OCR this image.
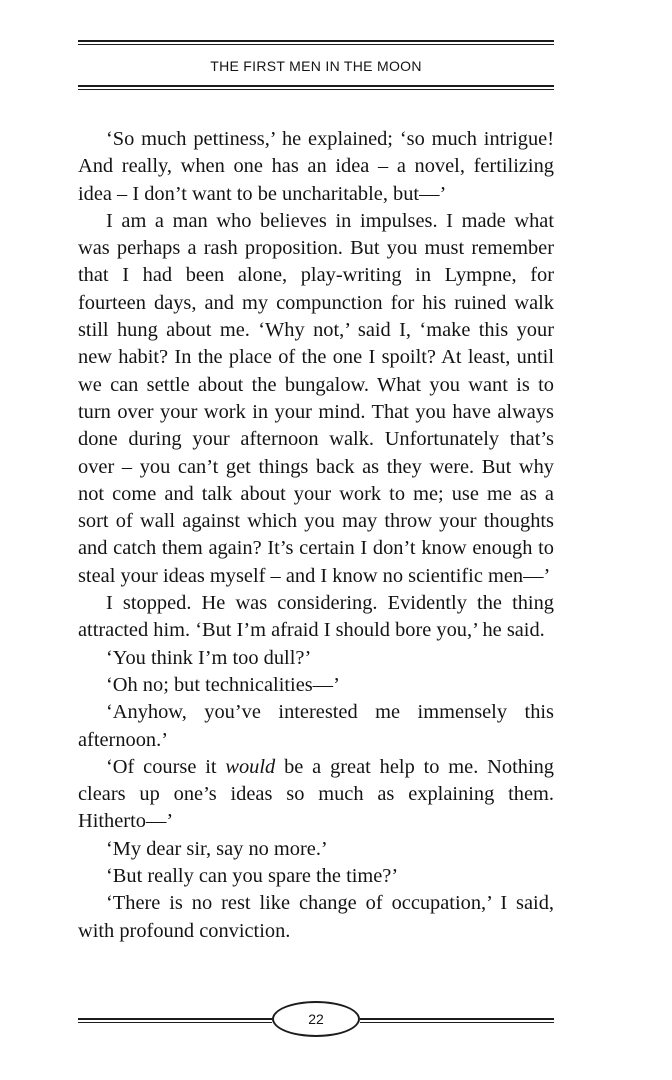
THE FIRST MEN IN THE MOON

‘So much pettiness,’ he explained; ‘so much intrigue! And really, when one has an idea – a novel, fertilizing idea – I don’t want to be uncharitable, but—’

I am a man who believes in impulses. I made what was perhaps a rash proposition. But you must remember that I had been alone, play-writing in Lympne, for fourteen days, and my compunction for his ruined walk still hung about me. ‘Why not,’ said I, ‘make this your new habit? In the place of the one I spoilt? At least, until we can settle about the bungalow. What you want is to turn over your work in your mind. That you have always done during your afternoon walk. Unfortunately that’s over – you can’t get things back as they were. But why not come and talk about your work to me; use me as a sort of wall against which you may throw your thoughts and catch them again? It’s certain I don’t know enough to steal your ideas myself – and I know no scientific men—’

I stopped. He was considering. Evidently the thing attracted him. ‘But I’m afraid I should bore you,’ he said.

‘You think I’m too dull?’

‘Oh no; but technicalities—’

‘Anyhow, you’ve interested me immensely this afternoon.’

‘Of course it would be a great help to me. Nothing clears up one’s ideas so much as explaining them. Hitherto—’

‘My dear sir, say no more.’

‘But really can you spare the time?’

‘There is no rest like change of occupation,’ I said, with profound conviction.

22
